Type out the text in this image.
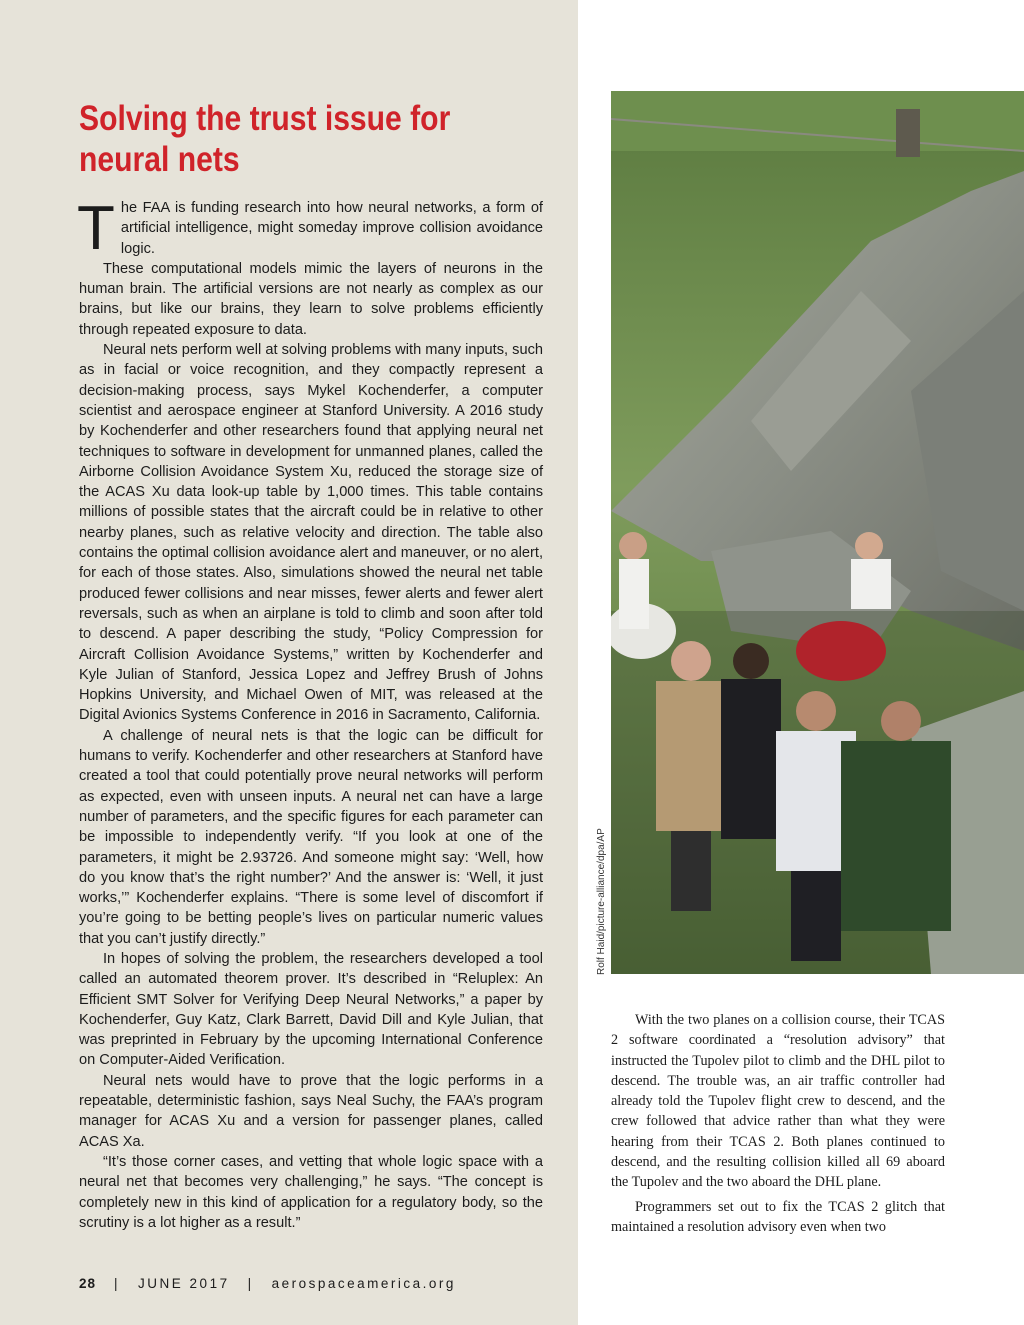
Solving the trust issue for neural nets

The FAA is funding research into how neural networks, a form of artificial intelligence, might someday improve collision avoidance logic.

These computational models mimic the layers of neurons in the human brain. The artificial versions are not nearly as complex as our brains, but like our brains, they learn to solve problems efficiently through repeated exposure to data.

Neural nets perform well at solving problems with many inputs, such as in facial or voice recognition, and they compactly represent a decision-making process, says Mykel Kochenderfer, a computer scientist and aerospace engineer at Stanford University. A 2016 study by Kochenderfer and other researchers found that applying neural net techniques to software in development for unmanned planes, called the Airborne Collision Avoidance System Xu, reduced the storage size of the ACAS Xu data look-up table by 1,000 times. This table contains millions of possible states that the aircraft could be in relative to other nearby planes, such as relative velocity and direction. The table also contains the optimal collision avoidance alert and maneuver, or no alert, for each of those states. Also, simulations showed the neural net table produced fewer collisions and near misses, fewer alerts and fewer alert reversals, such as when an airplane is told to climb and soon after told to descend. A paper describing the study, “Policy Compression for Aircraft Collision Avoidance Systems,” written by Kochenderfer and Kyle Julian of Stanford, Jessica Lopez and Jeffrey Brush of Johns Hopkins University, and Michael Owen of MIT, was released at the Digital Avionics Systems Conference in 2016 in Sacramento, California.

A challenge of neural nets is that the logic can be difficult for humans to verify. Kochenderfer and other researchers at Stanford have created a tool that could potentially prove neural networks will perform as expected, even with unseen inputs. A neural net can have a large number of parameters, and the specific figures for each parameter can be impossible to independently verify. “If you look at one of the parameters, it might be 2.93726. And someone might say: ‘Well, how do you know that’s the right number?’ And the answer is: ‘Well, it just works,’” Kochenderfer explains. “There is some level of discomfort if you’re going to be betting people’s lives on particular numeric values that you can’t justify directly.”

In hopes of solving the problem, the researchers developed a tool called an automated theorem prover. It’s described in “Reluplex: An Efficient SMT Solver for Verifying Deep Neural Networks,” a paper by Kochenderfer, Guy Katz, Clark Barrett, David Dill and Kyle Julian, that was preprinted in February by the upcoming International Conference on Computer-Aided Verification.

Neural nets would have to prove that the logic performs in a repeatable, deterministic fashion, says Neal Suchy, the FAA’s program manager for ACAS Xu and a version for passenger planes, called ACAS Xa.

“It’s those corner cases, and vetting that whole logic space with a neural net that becomes very challenging,” he says. “The concept is completely new in this kind of application for a regulatory body, so the scrutiny is a lot higher as a result.”

28 | JUNE 2017 | aerospaceamerica.org
Rolf Haid/picture-alliance/dpa/AP

With the two planes on a collision course, their TCAS 2 software coordinated a “resolution advisory” that instructed the Tupolev pilot to climb and the DHL pilot to descend. The trouble was, an air traffic controller had already told the Tupolev flight crew to descend, and the crew followed that advice rather than what they were hearing from their TCAS 2. Both planes continued to descend, and the resulting collision killed all 69 aboard the Tupolev and the two aboard the DHL plane.

Programmers set out to fix the TCAS 2 glitch that maintained a resolution advisory even when two
